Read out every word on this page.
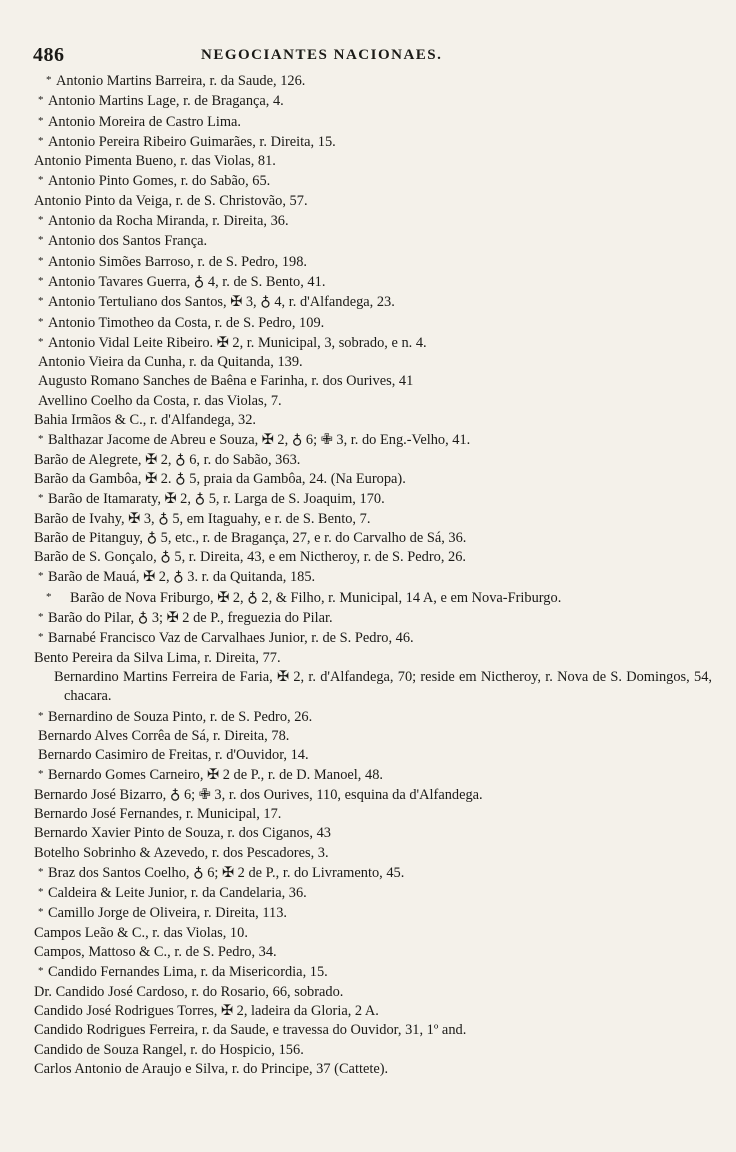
486	NEGOCIANTES NACIONAES.
* Antonio Martins Barreira, r. da Saude, 126.
* Antonio Martins Lage, r. de Bragança, 4.
* Antonio Moreira de Castro Lima.
* Antonio Pereira Ribeiro Guimarães, r. Direita, 15.
Antonio Pimenta Bueno, r. das Violas, 81.
* Antonio Pinto Gomes, r. do Sabão, 65.
Antonio Pinto da Veiga, r. de S. Christovão, 57.
* Antonio da Rocha Miranda, r. Direita, 36.
* Antonio dos Santos França.
* Antonio Simões Barroso, r. de S. Pedro, 198.
* Antonio Tavares Guerra, ♁ 4, r. de S. Bento, 41.
* Antonio Tertuliano dos Santos, ✠ 3, ♁ 4, r. d'Alfandega, 23.
* Antonio Timotheo da Costa, r. de S. Pedro, 109.
* Antonio Vidal Leite Ribeiro. ✠ 2, r. Municipal, 3, sobrado, e n. 4.
Antonio Vieira da Cunha, r. da Quitanda, 139.
Augusto Romano Sanches de Baêna e Farinha, r. dos Ourives, 41
Avellino Coelho da Costa, r. das Violas, 7.
Bahia Irmãos & C., r. d'Alfandega, 32.
* Balthazar Jacome de Abreu e Souza, ✠ 2, ♁ 6; ✙ 3, r. do Eng.-Velho, 41.
Barão de Alegrete, ✠ 2, ♁ 6, r. do Sabão, 363.
Barão da Gambôa, ✠ 2. ♁ 5, praia da Gambôa, 24. (Na Europa).
* Barão de Itamaraty, ✠ 2, ♁ 5, r. Larga de S. Joaquim, 170.
Barão de Ivahy, ✠ 3, ♁ 5, em Itaguahy, e r. de S. Bento, 7.
Barão de Pitanguy, ♁ 5, etc., r. de Bragança, 27, e r. do Carvalho de Sá, 36.
Barão de S. Gonçalo, ♁ 5, r. Direita, 43, e em Nictheroy, r. de S. Pedro, 26.
* Barão de Mauá, ✠ 2, ♁ 3. r. da Quitanda, 185.
* Barão de Nova Friburgo, ✠ 2, ♁ 2, & Filho, r. Municipal, 14 A, e em Nova-Friburgo.
* Barão do Pilar, ♁ 3; ✠ 2 de P., freguezia do Pilar.
* Barnabé Francisco Vaz de Carvalhaes Junior, r. de S. Pedro, 46.
Bento Pereira da Silva Lima, r. Direita, 77.
Bernardino Martins Ferreira de Faria, ✠ 2, r. d'Alfandega, 70; reside em Nictheroy, r. Nova de S. Domingos, 54, chacara.
* Bernardino de Souza Pinto, r. de S. Pedro, 26.
Bernardo Alves Corrêa de Sá, r. Direita, 78.
Bernardo Casimiro de Freitas, r. d'Ouvidor, 14.
* Bernardo Gomes Carneiro, ✠ 2 de P., r. de D. Manoel, 48.
Bernardo José Bizarro, ♁ 6; ✙ 3, r. dos Ourives, 110, esquina da d'Alfandega.
Bernardo José Fernandes, r. Municipal, 17.
Bernardo Xavier Pinto de Souza, r. dos Ciganos, 43
Botelho Sobrinho & Azevedo, r. dos Pescadores, 3.
* Braz dos Santos Coelho, ♁ 6; ✠ 2 de P., r. do Livramento, 45.
* Caldeira & Leite Junior, r. da Candelaria, 36.
* Camillo Jorge de Oliveira, r. Direita, 113.
Campos Leão & C., r. das Violas, 10.
Campos, Mattoso & C., r. de S. Pedro, 34.
* Candido Fernandes Lima, r. da Misericordia, 15.
Dr. Candido José Cardoso, r. do Rosario, 66, sobrado.
Candido José Rodrigues Torres, ✠ 2, ladeira da Gloria, 2 A.
Candido Rodrigues Ferreira, r. da Saude, e travessa do Ouvidor, 31, 1º and.
Candido de Souza Rangel, r. do Hospicio, 156.
Carlos Antonio de Araujo e Silva, r. do Principe, 37 (Cattete).
